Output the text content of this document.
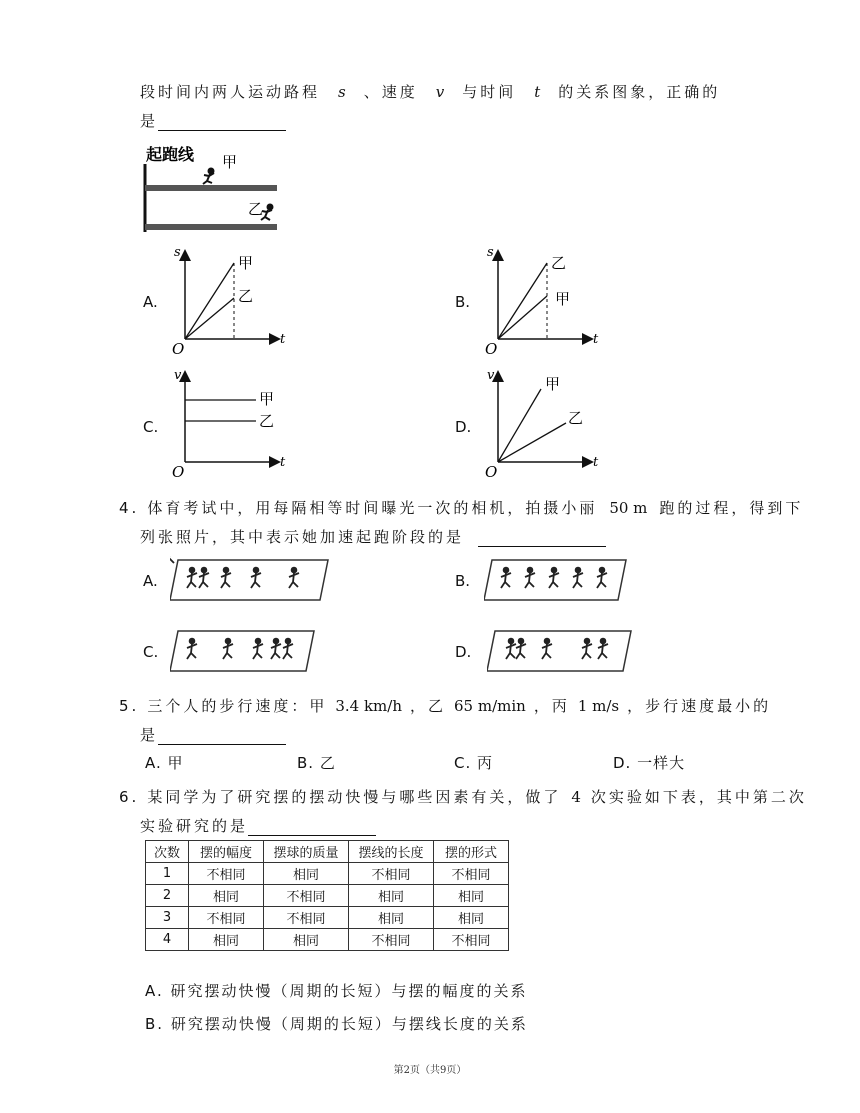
段时间内两人运动路程 s 、速度 v 与时间 t 的关系图象，正确的
是
起跑线 甲
乙
A.
s
t
O
甲
乙	B.
s
t
O
乙
甲
C.
v
t
O
甲
乙	D.
v
t
O
甲
乙
4. 体育考试中，用每隔相等时间曝光一次的相机，拍摄小丽 50 m 跑的过程，得到下
列张照片，其中表示她加速起跑阶段的是
A.	B.
C.	D.
5. 三个人的步行速度：甲 3.4 km/h ，乙 65 m/min ，丙 1 m/s ，步行速度最小的
是
A. 甲	B. 乙	C. 丙	D. 一样大
6. 某同学为了研究摆的摆动快慢与哪些因素有关，做了 4 次实验如下表，其中第二次
实验研究的是
次数	摆的幅度	摆球的质量	摆线的长度	摆的形式
1	不相同	相同	不相同	不相同
2	相同	不相同	相同	相同
3	不相同	不相同	相同	相同
4	相同	相同	不相同	不相同
A. 研究摆动快慢（周期的长短）与摆的幅度的关系
B. 研究摆动快慢（周期的长短）与摆线长度的关系
第2页（共9页）
